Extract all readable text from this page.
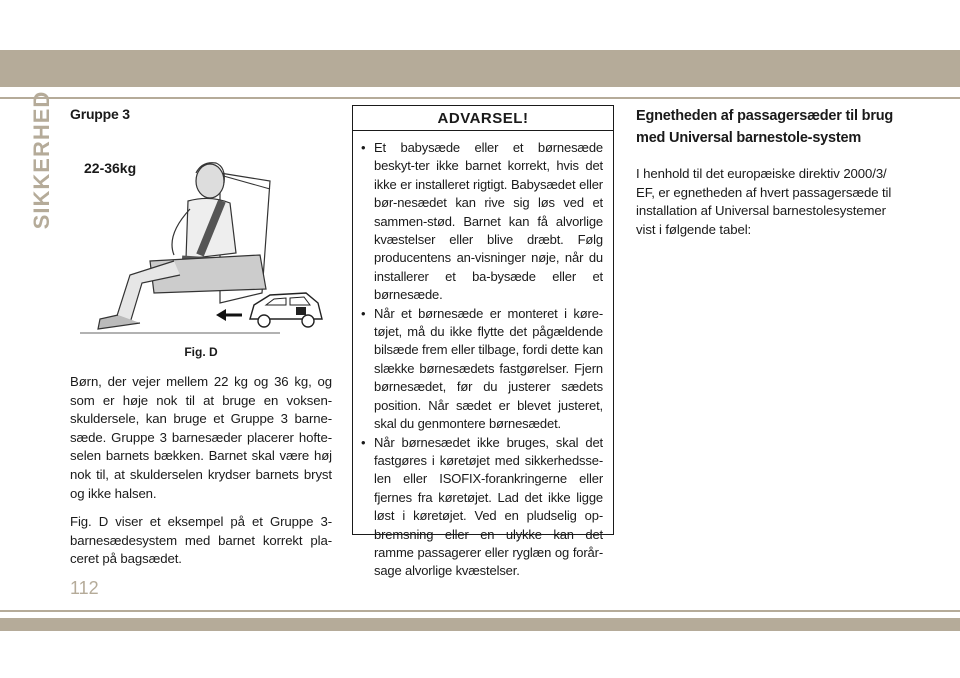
SIKKERHED Gruppe 3
22-36kg
Fig. D

Børn, der vejer mellem 22 kg og 36 kg, og som er høje nok til at bruge en voksen-skuldersele, kan bruge et Gruppe 3 barne-sæde. Gruppe 3 barnesæder placerer hofte-selen barnets bækken. Barnet skal være høj nok til, at skulderselen krydser barnets bryst og ikke halsen.

Fig. D viser et eksempel på et Gruppe 3-barnesædesystem med barnet korrekt pla-ceret på bagsædet.

ADVARSEL!
• Et babysæde eller et børnesæde beskyt-ter ikke barnet korrekt, hvis det ikke er installeret rigtigt. Babysædet eller bør-nesædet kan rive sig løs ved et sammen-stød. Barnet kan få alvorlige kvæstelser eller blive dræbt. Følg producentens an-visninger nøje, når du installerer et ba-bysæde eller et børnesæde.
• Når et børnesæde er monteret i køre-tøjet, må du ikke flytte det pågældende bilsæde frem eller tilbage, fordi dette kan slække børnesædets fastgørelser. Fjern børnesædet, før du justerer sædets position. Når sædet er blevet justeret, skal du genmontere børnesædet.
• Når børnesædet ikke bruges, skal det fastgøres i køretøjet med sikkerhedsse-len eller ISOFIX-forankringerne eller fjernes fra køretøjet. Lad det ikke ligge løst i køretøjet. Ved en pludselig op-bremsning eller en ulykke kan det ramme passagerer eller ryglæn og forår-sage alvorlige kvæstelser.
Egnetheden af passagersæder til brug med Universal barnestole-system

I henhold til det europæiske direktiv 2000/3/ EF, er egnetheden af hvert passagersæde til installation af Universal barnestolesystemer vist i følgende tabel:

112
